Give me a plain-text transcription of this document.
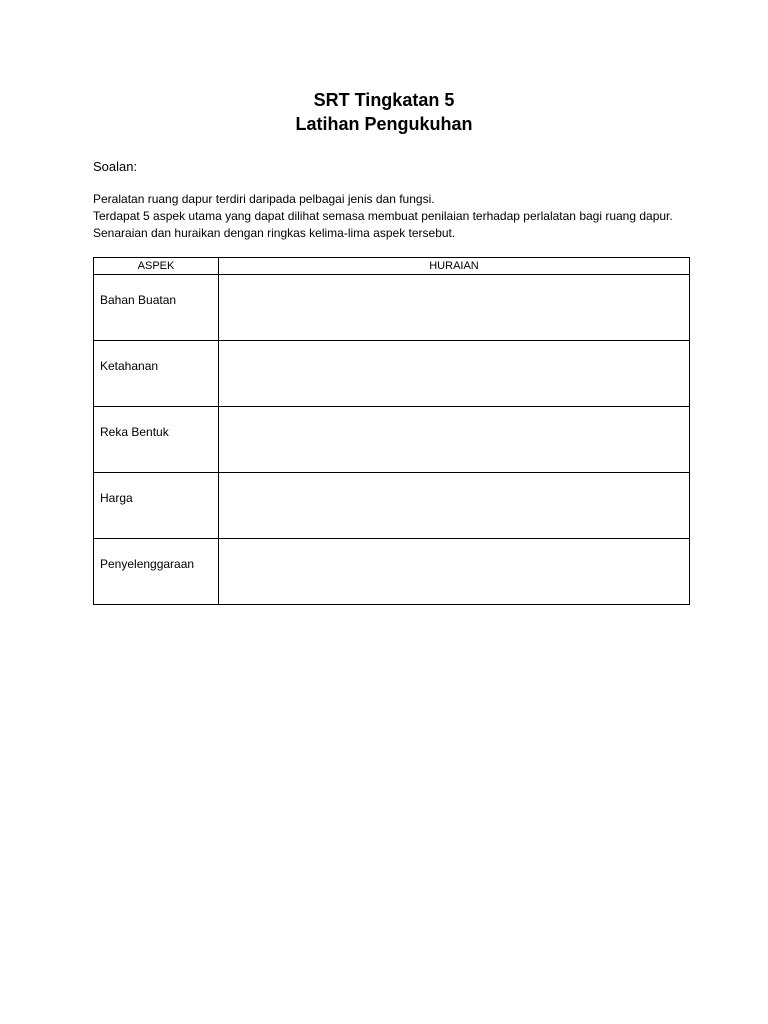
SRT Tingkatan 5

Latihan Pengukuhan

Soalan:

Peralatan ruang dapur terdiri daripada pelbagai jenis dan fungsi.

Terdapat 5 aspek utama yang dapat dilihat semasa membuat penilaian terhadap perlalatan bagi ruang dapur. Senaraian dan huraikan dengan ringkas kelima-lima aspek tersebut.

ASPEK	HURAIAN
Bahan Buatan	
Ketahanan	
Reka Bentuk	
Harga	
Penyelenggaraan	
